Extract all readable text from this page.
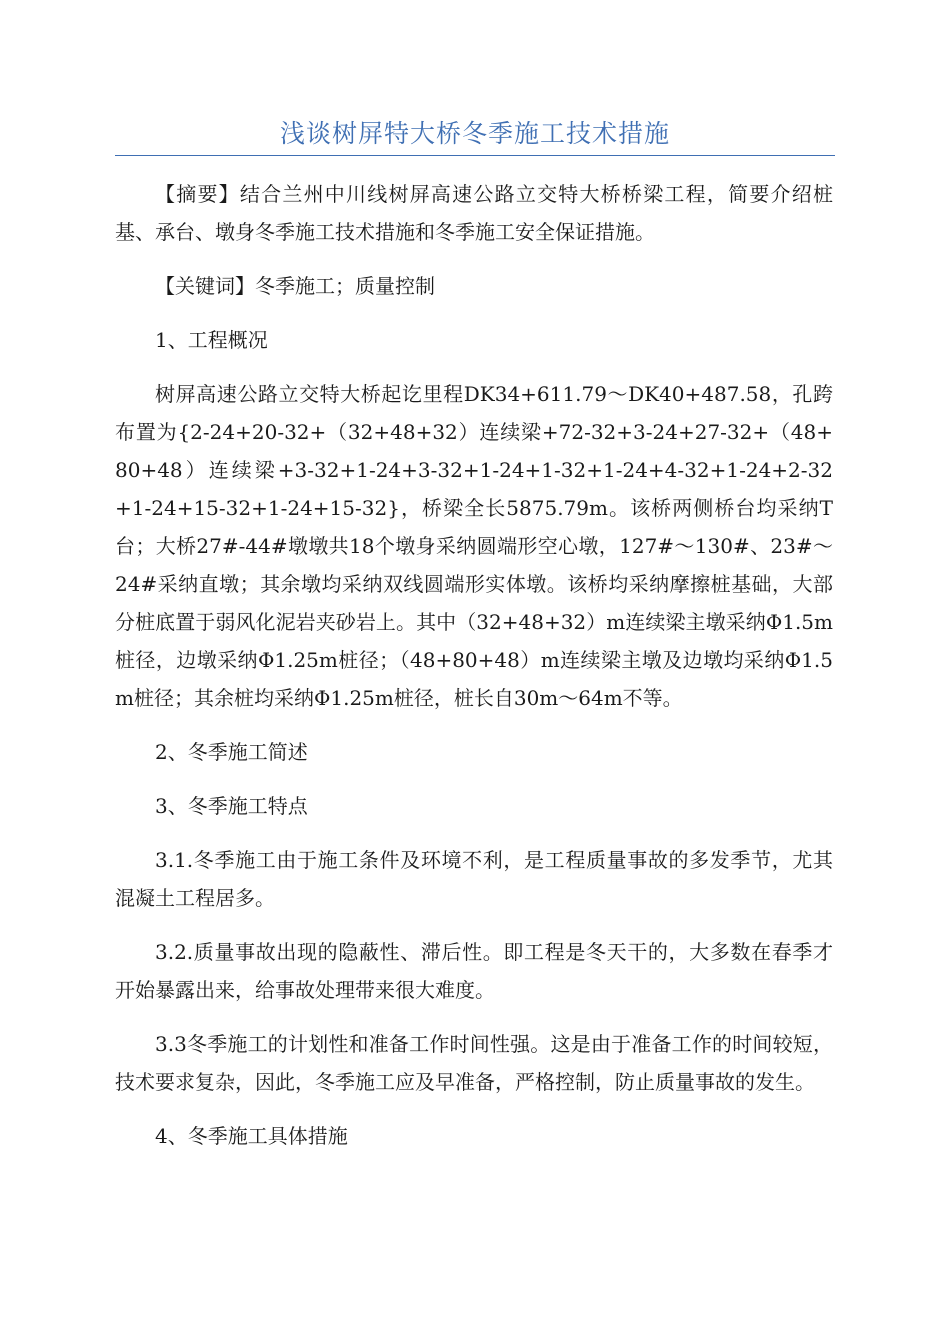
浅谈树屏特大桥冬季施工技术措施

【摘要】结合兰州中川线树屏高速公路立交特大桥桥梁工程，简要介绍桩基、承台、墩身冬季施工技术措施和冬季施工安全保证措施。

【关键词】冬季施工；质量控制

1、工程概况

树屏高速公路立交特大桥起讫里程DK34+611.79～DK40+487.58，孔跨布置为{2-24+20-32+（32+48+32）连续梁+72-32+3-24+27-32+（48+80+48）连续梁+3-32+1-24+3-32+1-24+1-32+1-24+4-32+1-24+2-32+1-24+15-32+1-24+15-32}，桥梁全长5875.79m。该桥两侧桥台均采纳T台；大桥27#-44#墩墩共18个墩身采纳圆端形空心墩，127#～130#、23#～24#采纳直墩；其余墩均采纳双线圆端形实体墩。该桥均采纳摩擦桩基础，大部分桩底置于弱风化泥岩夹砂岩上。其中（32+48+32）m连续梁主墩采纳Φ1.5m桩径，边墩采纳Φ1.25m桩径；（48+80+48）m连续梁主墩及边墩均采纳Φ1.5m桩径；其余桩均采纳Φ1.25m桩径，桩长自30m～64m不等。

2、冬季施工简述

3、冬季施工特点

3.1.冬季施工由于施工条件及环境不利，是工程质量事故的多发季节，尤其混凝土工程居多。

3.2.质量事故出现的隐蔽性、滞后性。即工程是冬天干的，大多数在春季才开始暴露出来，给事故处理带来很大难度。

3.3冬季施工的计划性和准备工作时间性强。这是由于准备工作的时间较短，技术要求复杂，因此，冬季施工应及早准备，严格控制，防止质量事故的发生。

4、冬季施工具体措施
